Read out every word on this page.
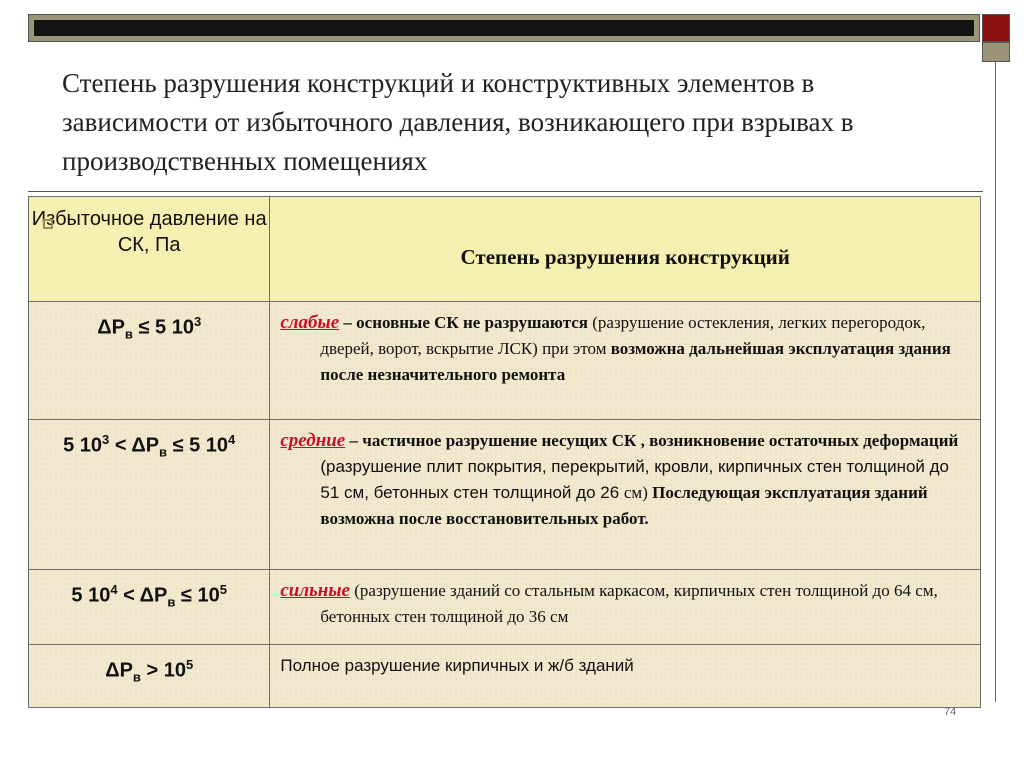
Степень разрушения конструкций и конструктивных элементов в зависимости от избыточного давления, возникающего при взрывах в производственных помещениях
Избыточное давление на СК, Па	Степень разрушения конструкций

$\Delta P_в \le 5$ $10^3$	слабые – основные СК не разрушаются (разрушение остекления, легких перегородок, дверей, ворот, вскрытие ЛСК) при этом возможна дальнейшая эксплуатация здания после незначительного ремонта

5 $10^3 < \Delta P_в \le 5$ $10^4$	средние – частичное разрушение несущих СК , возникновение остаточных деформаций (разрушение плит покрытия, перекрытий, кровли, кирпичных стен толщиной до 51 см, бетонных стен толщиной до 26 см) Последующая эксплуатация зданий возможна после восстановительных работ.

5 $10^4 < \Delta P_в \le 10^5$	сильные (разрушение зданий со стальным каркасом, кирпичных стен толщиной до 64 см, бетонных стен толщиной до 36 см

$\Delta P_в > 10^5$	Полное разрушение кирпичных и ж/б зданий
74
